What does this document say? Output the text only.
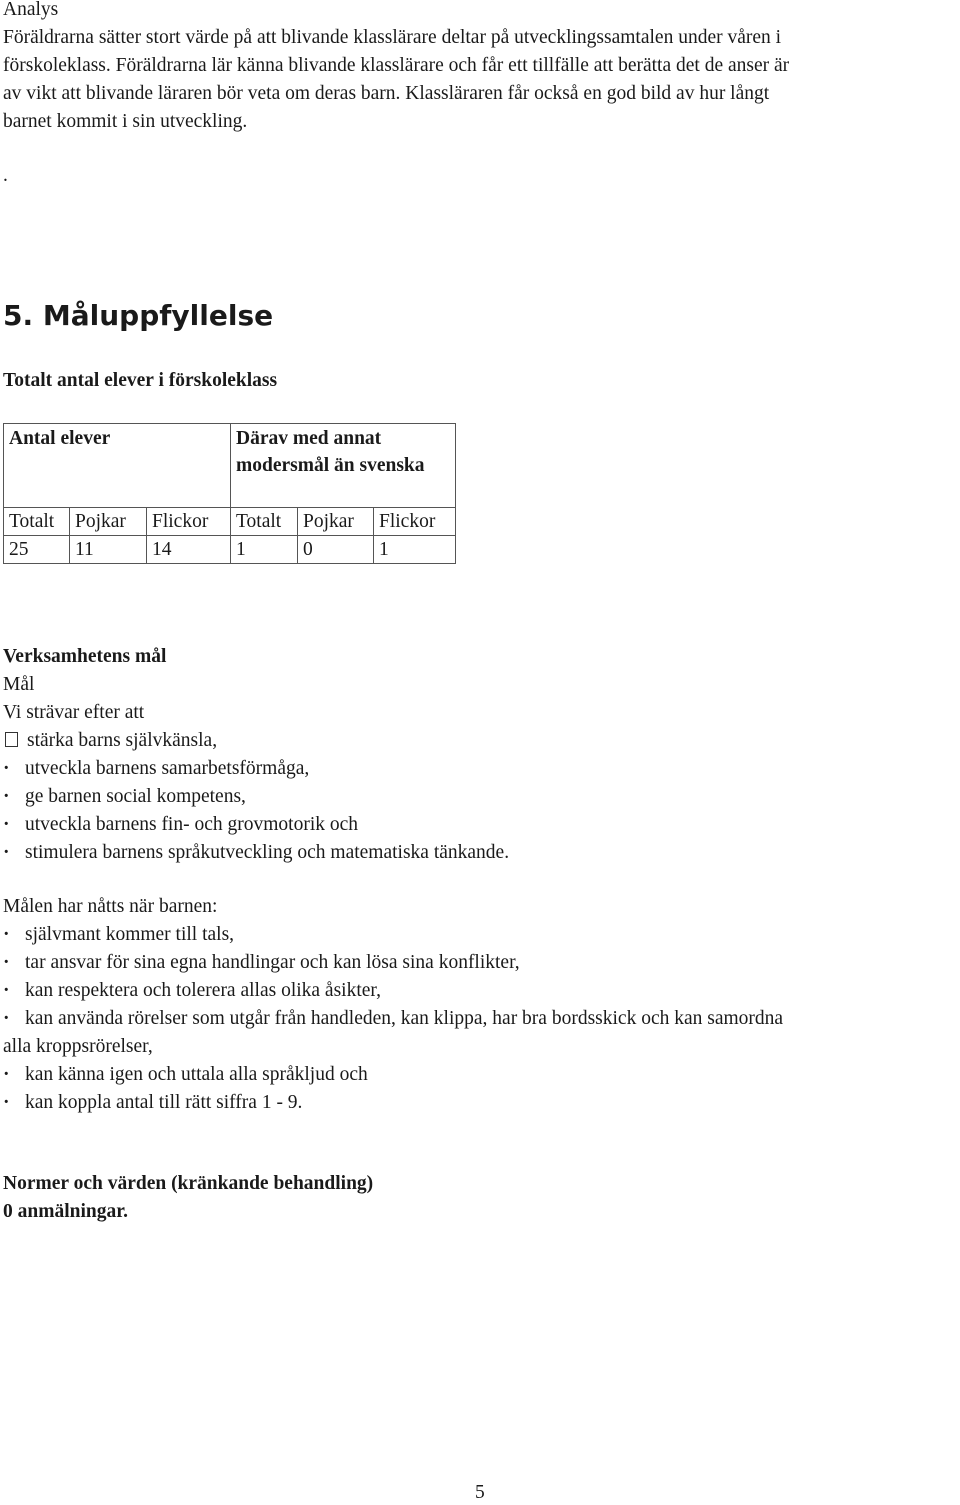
Analys
Föräldrarna sätter stort värde på att blivande klasslärare deltar på utvecklingssamtalen under våren i
förskoleklass. Föräldrarna lär känna blivande klasslärare och får ett tillfälle att berätta det de anser är
av vikt att blivande läraren bör veta om deras barn. Klassläraren får också en god bild av hur långt
barnet kommit i sin utveckling.
.
5. Måluppfyllelse
Totalt antal elever i förskoleklass
Antal elever			Därav med annat modersmål än svenska		
Totalt	Pojkar	Flickor	Totalt	Pojkar	Flickor
25	11	14	1	0	1
Verksamhetens mål
Mål
Vi strävar efter att
stärka barns självkänsla,
· utveckla barnens samarbetsförmåga,
· ge barnen social kompetens,
· utveckla barnens fin- och grovmotorik och
· stimulera barnens språkutveckling och matematiska tänkande.
Målen har nåtts när barnen:
· självmant kommer till tals,
· tar ansvar för sina egna handlingar och kan lösa sina konflikter,
· kan respektera och tolerera allas olika åsikter,
· kan använda rörelser som utgår från handleden, kan klippa, har bra bordsskick och kan samordna
alla kroppsrörelser,
· kan känna igen och uttala alla språkljud och
· kan koppla antal till rätt siffra 1 - 9.
Normer och värden (kränkande behandling)
0 anmälningar.
5
